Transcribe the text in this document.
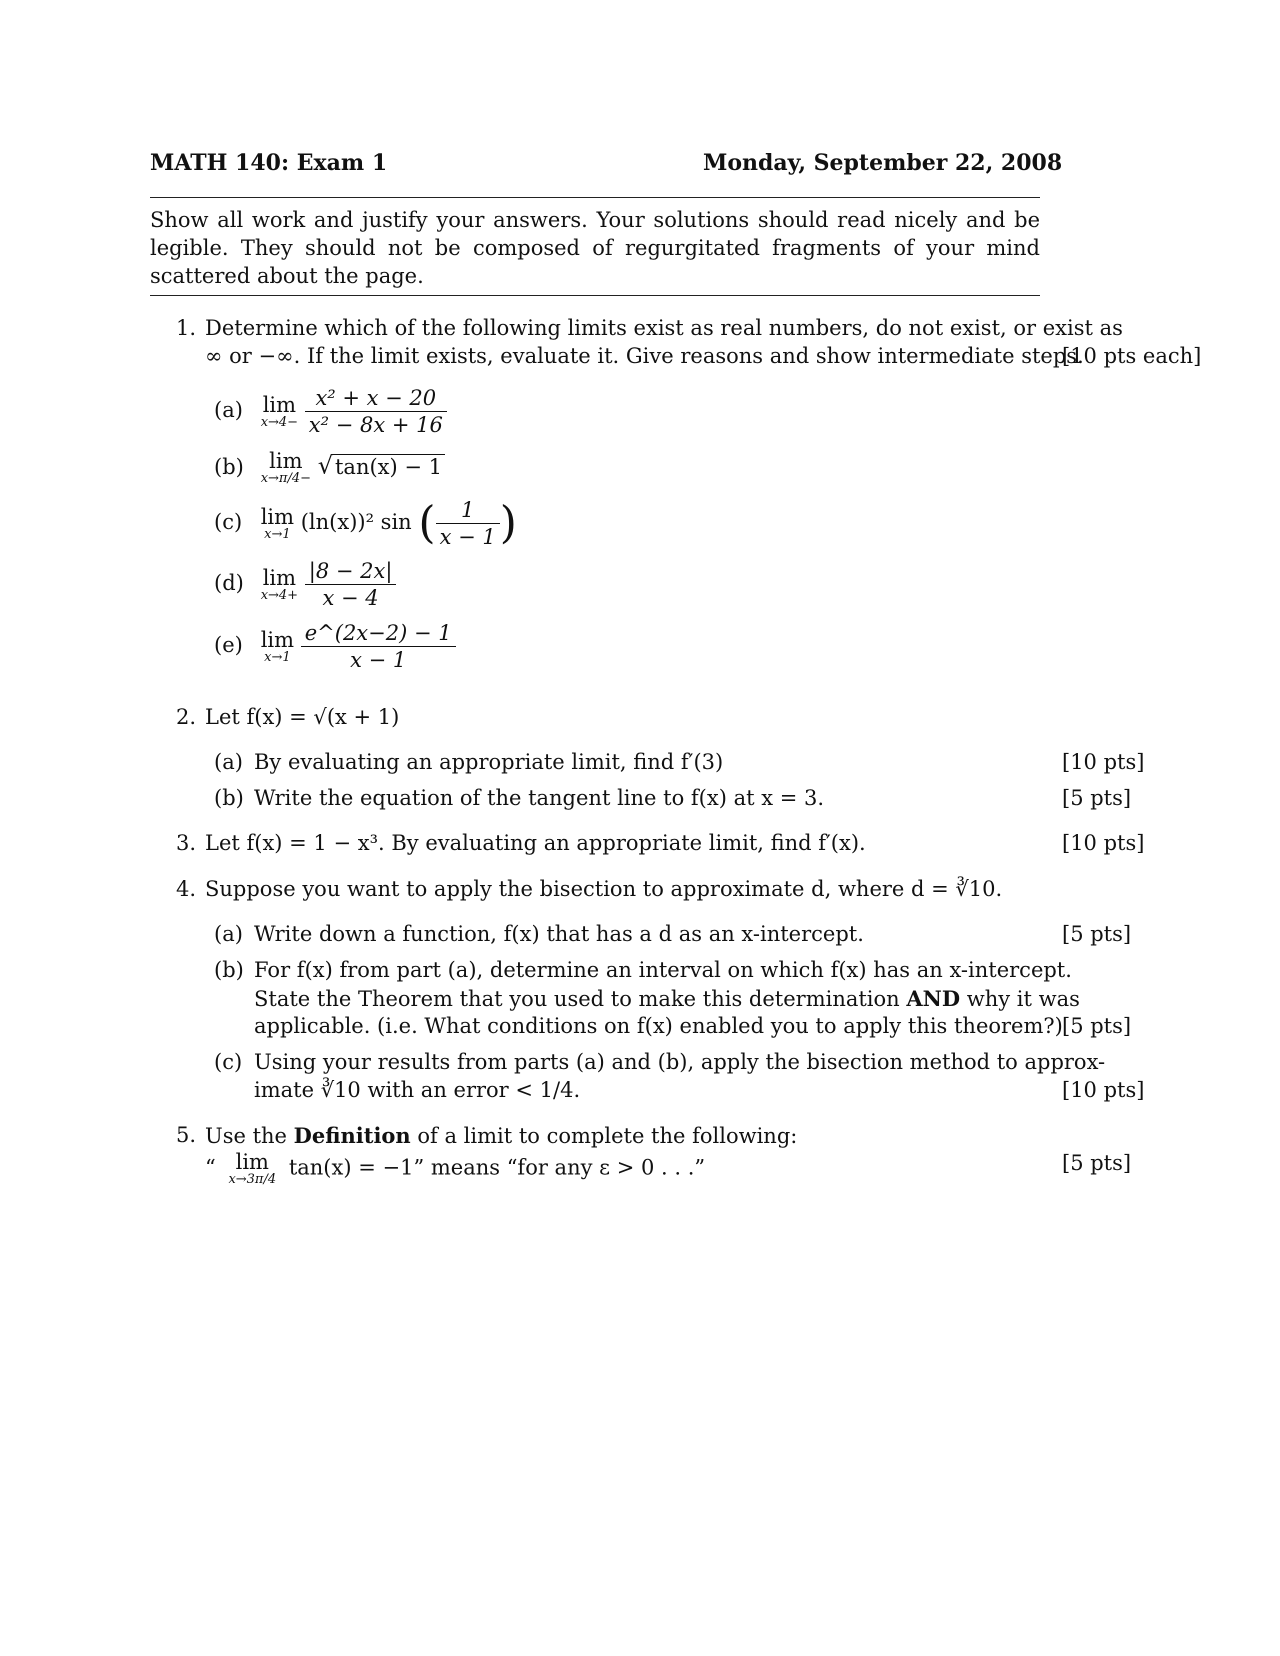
MATH 140: Exam 1	Monday, September 22, 2008
Show all work and justify your answers. Your solutions should read nicely and be legible. They should not be composed of regurgitated fragments of your mind scattered about the page.
1. Determine which of the following limits exist as real numbers, do not exist, or exist as
∞ or −∞. If the limit exists, evaluate it. Give reasons and show intermediate steps.
[10 pts each]
(a) lim
x→4−
$\frac{\text{x² + x − 20}}{\text{x² − 8x + 16}}$
(b) lim
x→π/4− √tan(x) − 1
(c) lim
x→1 (ln(x))² sin ( $\frac{1}{x - 1}$ )
(d) lim
x→4+
$\frac{|8 - 2x|}{x - 4}$
(e) lim
x→1
$\frac{e\^{}(2x-2) - 1}{x - 1}$
2. Let f(x) = √(x + 1)
(a) By evaluating an appropriate limit, find f′(3)	[10 pts]
(b) Write the equation of the tangent line to f(x) at x = 3.	[5 pts]
3. Let f(x) = 1 − x³. By evaluating an appropriate limit, find f′(x).	[10 pts]
4. Suppose you want to apply the bisection to approximate d, where d = ∛10.
(a) Write down a function, f(x) that has a d as an x-intercept.	[5 pts]
(b) For f(x) from part (a), determine an interval on which f(x) has an x-intercept.
State the Theorem that you used to make this determination AND why it was
applicable. (i.e. What conditions on f(x) enabled you to apply this theorem?) [5 pts]
(c) Using your results from parts (a) and (b), apply the bisection method to approx-
imate ∛10 with an error < 1/4.	[10 pts]
5. Use the Definition of a limit to complete the following:
“ lim
x→3π/4 tan(x) = −1” means “for any ε > 0 . . .”	[5 pts]
